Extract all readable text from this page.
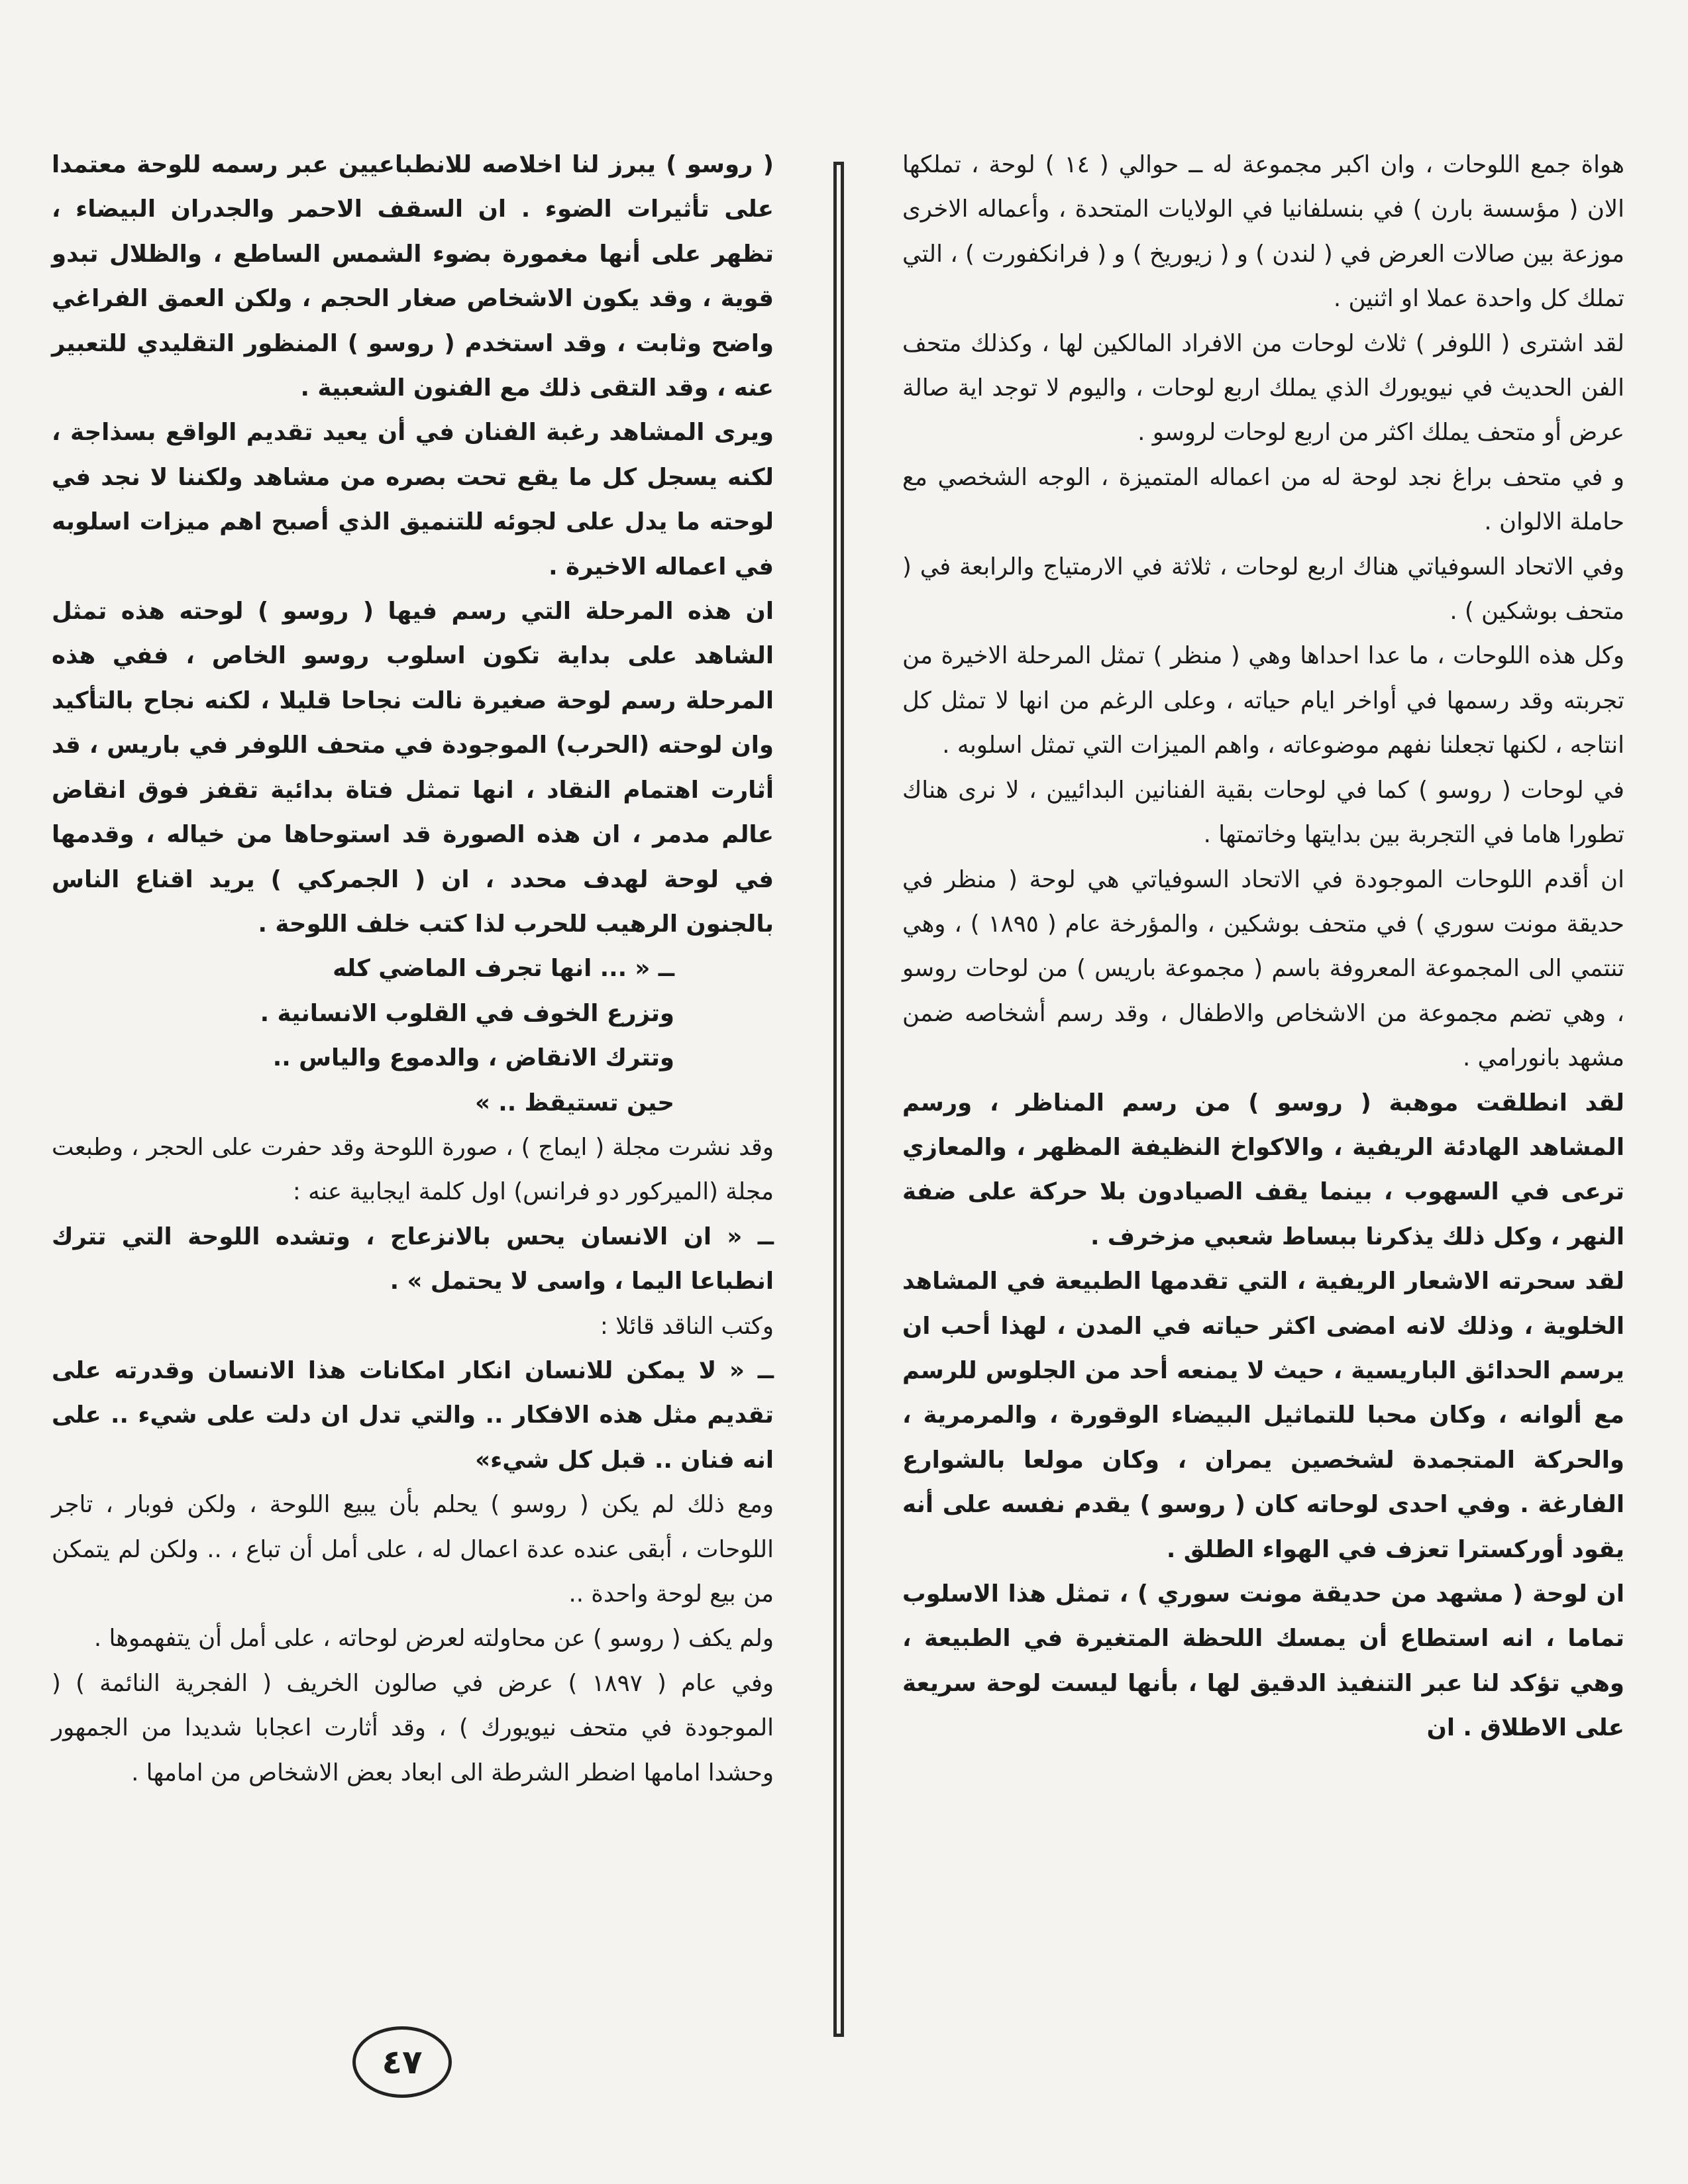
هواة جمع اللوحات ، وان اكبر مجموعة له ــ حوالي ( ١٤ ) لوحة ، تملكها الان ( مؤسسة بارن ) في بنسلفانيا في الولايات المتحدة ، وأعماله الاخرى موزعة بين صالات العرض في ( لندن ) و ( زيوريخ ) و ( فرانكفورت ) ، التي تملك كل واحدة عملا او اثنين .

لقد اشترى ( اللوفر ) ثلاث لوحات من الافراد المالكين لها ، وكذلك متحف الفن الحديث في نيويورك الذي يملك اربع لوحات ، واليوم لا توجد اية صالة عرض أو متحف يملك اكثر من اربع لوحات لروسو .

و في متحف براغ نجد لوحة له من اعماله المتميزة ، الوجه الشخصي مع حاملة الالوان .

وفي الاتحاد السوفياتي هناك اربع لوحات ، ثلاثة في الارمتياج والرابعة في ( متحف بوشكين ) .

وكل هذه اللوحات ، ما عدا احداها وهي ( منظر ) تمثل المرحلة الاخيرة من تجربته وقد رسمها في أواخر ايام حياته ، وعلى الرغم من انها لا تمثل كل انتاجه ، لكنها تجعلنا نفهم موضوعاته ، واهم الميزات التي تمثل اسلوبه .

في لوحات ( روسو ) كما في لوحات بقية الفنانين البدائيين ، لا نرى هناك تطورا هاما في التجربة بين بدايتها وخاتمتها .

ان أقدم اللوحات الموجودة في الاتحاد السوفياتي هي لوحة ( منظر في حديقة مونت سوري ) في متحف بوشكين ، والمؤرخة عام ( ١٨٩٥ ) ، وهي تنتمي الى المجموعة المعروفة باسم ( مجموعة باريس ) من لوحات روسو ، وهي تضم مجموعة من الاشخاص والاطفال ، وقد رسم أشخاصه ضمن مشهد بانورامي .

لقد انطلقت موهبة ( روسو ) من رسم المناظر ، ورسم المشاهد الهادئة الريفية ، والاكواخ النظيفة المظهر ، والمعازي ترعى في السهوب ، بينما يقف الصيادون بلا حركة على ضفة النهر ، وكل ذلك يذكرنا ببساط شعبي مزخرف .

لقد سحرته الاشعار الريفية ، التي تقدمها الطبيعة في المشاهد الخلوية ، وذلك لانه امضى اكثر حياته في المدن ، لهذا أحب ان يرسم الحدائق الباريسية ، حيث لا يمنعه أحد من الجلوس للرسم مع ألوانه ، وكان محبا للتماثيل البيضاء الوقورة ، والمرمرية ، والحركة المتجمدة لشخصين يمران ، وكان مولعا بالشوارع الفارغة . وفي احدى لوحاته كان ( روسو ) يقدم نفسه على أنه يقود أوركسترا تعزف في الهواء الطلق .

ان لوحة ( مشهد من حديقة مونت سوري ) ، تمثل هذا الاسلوب تماما ، انه استطاع أن يمسك اللحظة المتغيرة في الطبيعة ، وهي تؤكد لنا عبر التنفيذ الدقيق لها ، بأنها ليست لوحة سريعة على الاطلاق . ان

( روسو ) يبرز لنا اخلاصه للانطباعيين عبر رسمه للوحة معتمدا على تأثيرات الضوء . ان السقف الاحمر والجدران البيضاء ، تظهر على أنها مغمورة بضوء الشمس الساطع ، والظلال تبدو قوية ، وقد يكون الاشخاص صغار الحجم ، ولكن العمق الفراغي واضح وثابت ، وقد استخدم ( روسو ) المنظور التقليدي للتعبير عنه ، وقد التقى ذلك مع الفنون الشعبية .

ويرى المشاهد رغبة الفنان في أن يعيد تقديم الواقع بسذاجة ، لكنه يسجل كل ما يقع تحت بصره من مشاهد ولكننا لا نجد في لوحته ما يدل على لجوئه للتنميق الذي أصبح اهم ميزات اسلوبه في اعماله الاخيرة .

ان هذه المرحلة التي رسم فيها ( روسو ) لوحته هذه تمثل الشاهد على بداية تكون اسلوب روسو الخاص ، ففي هذه المرحلة رسم لوحة صغيرة نالت نجاحا قليلا ، لكنه نجاح بالتأكيد وان لوحته (الحرب) الموجودة في متحف اللوفر في باريس ، قد أثارت اهتمام النقاد ، انها تمثل فتاة بدائية تقفز فوق انقاض عالم مدمر ، ان هذه الصورة قد استوحاها من خياله ، وقدمها في لوحة لهدف محدد ، ان ( الجمركي ) يريد اقناع الناس بالجنون الرهيب للحرب لذا كتب خلف اللوحة .

ــ « ... انها تجرف الماضي كله

وتزرع الخوف في القلوب الانسانية .

وتترك الانقاض ، والدموع والياس ..

حين تستيقظ .. »

وقد نشرت مجلة ( ايماج ) ، صورة اللوحة وقد حفرت على الحجر ، وطبعت مجلة (الميركور دو فرانس) اول كلمة ايجابية عنه :

ــ « ان الانسان يحس بالانزعاج ، وتشده اللوحة التي تترك انطباعا اليما ، واسى لا يحتمل » .

وكتب الناقد قائلا :

ــ « لا يمكن للانسان انكار امكانات هذا الانسان وقدرته على تقديم مثل هذه الافكار .. والتي تدل ان دلت على شيء .. على انه فنان .. قبل كل شيء»

ومع ذلك لم يكن ( روسو ) يحلم بأن يبيع اللوحة ، ولكن فوبار ، تاجر اللوحات ، أبقى عنده عدة اعمال له ، على أمل أن تباع ، .. ولكن لم يتمكن من بيع لوحة واحدة ..

ولم يكف ( روسو ) عن محاولته لعرض لوحاته ، على أمل أن يتفهموها .

وفي عام ( ١٨٩٧ ) عرض في صالون الخريف ( الفجرية النائمة ) ( الموجودة في متحف نيويورك ) ، وقد أثارت اعجابا شديدا من الجمهور وحشدا امامها اضطر الشرطة الى ابعاد بعض الاشخاص من امامها .

٤٧
